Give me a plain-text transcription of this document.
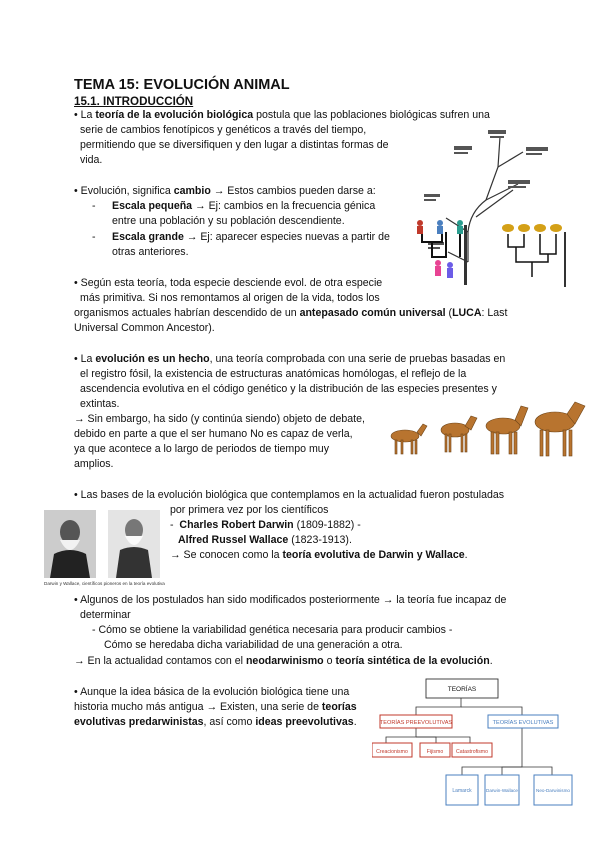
TEMA 15: EVOLUCIÓN ANIMAL
15.1. INTRODUCCIÓN
• La teoría de la evolución biológica postula que las poblaciones biológicas sufren una
serie de cambios fenotípicos y genéticos a través del tiempo,
permitiendo que se diversifiquen y den lugar a distintas formas de
vida.
• Evolución, significa cambio → Estos cambios pueden darse a:
- Escala pequeña → Ej: cambios en la frecuencia génica
entre una población y su población descendiente.
- Escala grande → Ej: aparecer especies nuevas a partir de
otras anteriores.
• Según esta teoría, toda especie desciende evol. de otra especie
más primitiva. Si nos remontamos al origen de la vida, todos los
organismos actuales habrían descendido de un antepasado común universal (LUCA: Last
Universal Common Ancestor).
• La evolución es un hecho, una teoría comprobada con una serie de pruebas basadas en
el registro fósil, la existencia de estructuras anatómicas homólogas, el reflejo de la
ascendencia evolutiva en el código genético y la distribución de las especies presentes y
extintas.
→ Sin embargo, ha sido (y continúa siendo) objeto de debate,
debido en parte a que el ser humano No es capaz de verla,
ya que acontece a lo largo de periodos de tiempo muy
amplios.
• Las bases de la evolución biológica que contemplamos en la actualidad fueron postuladas
por primera vez por los científicos
- Charles Robert Darwin (1809-1882) -
Alfred Russel Wallace (1823-1913).
→ Se conocen como la teoría evolutiva de Darwin y Wallace.
Darwin y Wallace, científicos pioneros en la teoría evolutiva
• Algunos de los postulados han sido modificados posteriormente → la teoría fue incapaz de
determinar
- Cómo se obtiene la variabilidad genética necesaria para producir cambios -
Cómo se heredaba dicha variabilidad de una generación a otra.
→ En la actualidad contamos con el neodarwinismo o teoría sintética de la evolución.
• Aunque la idea básica de la evolución biológica tiene una
historia mucho más antigua → Existen, una serie de teorías
evolutivas predarwinistas, así como ideas preevolutivas.
TEORÍAS
TEORÍAS PREEVOLUTIVAS	TEORÍAS EVOLUTIVAS
Creacionismo	Fijismo Catastrofismo
Lamarck	Darwin-Wallace	Neo-Darwinismo
